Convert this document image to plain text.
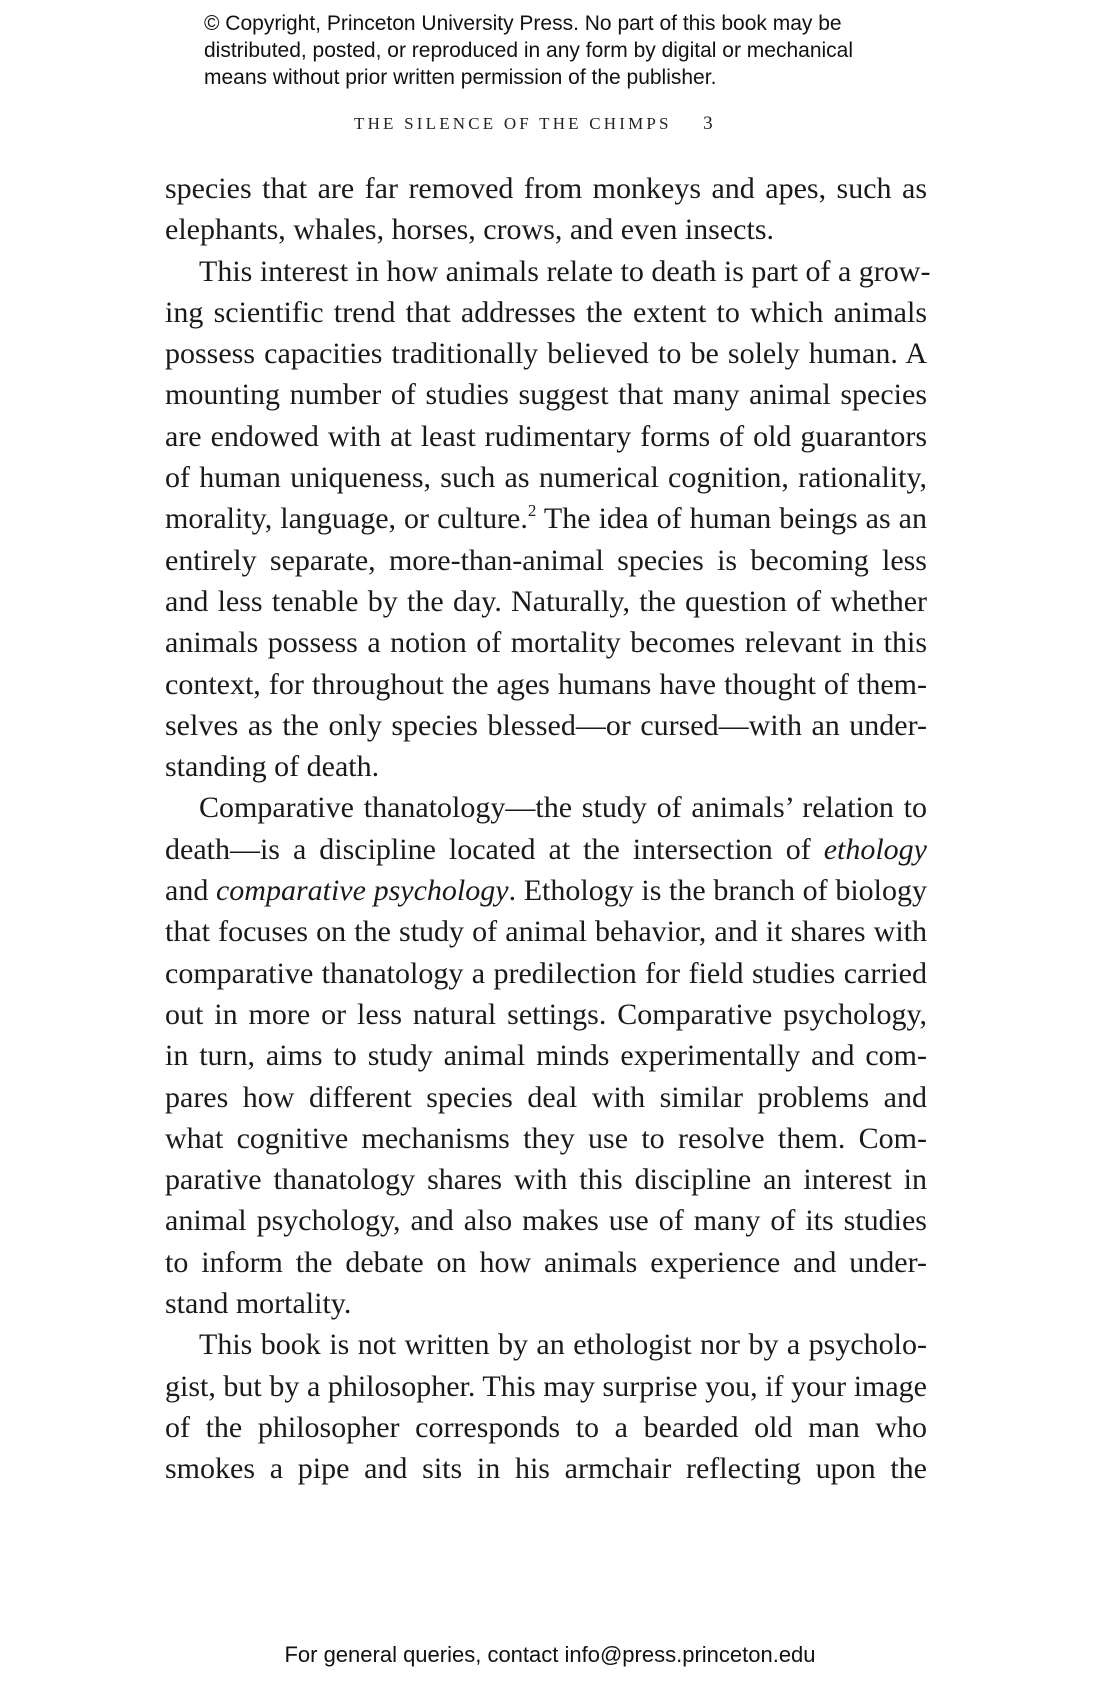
© Copyright, Princeton University Press. No part of this book may be
distributed, posted, or reproduced in any form by digital or mechanical
means without prior written permission of the publisher.
THE SILENCE OF THE CHIMPS 3
species that are far removed from monkeys and apes, such as
elephants, whales, horses, crows, and even insects.
This interest in how animals relate to death is part of a grow-
ing scientific trend that addresses the extent to which animals
possess capacities traditionally believed to be solely human. A
mounting number of studies suggest that many animal species
are endowed with at least rudimentary forms of old guarantors
of human uniqueness, such as numerical cognition, rationality,
morality, language, or culture.$^2$ The idea of human beings as an
entirely separate, more-than-animal species is becoming less
and less tenable by the day. Naturally, the question of whether
animals possess a notion of mortality becomes relevant in this
context, for throughout the ages humans have thought of them-
selves as the only species blessed—or cursed—with an under-
standing of death.
Comparative thanatology—the study of animals’ relation to
death—is a discipline located at the intersection of ethology
and comparative psychology. Ethology is the branch of biology
that focuses on the study of animal behavior, and it shares with
comparative thanatology a predilection for field studies carried
out in more or less natural settings. Comparative psychology,
in turn, aims to study animal minds experimentally and com-
pares how different species deal with similar problems and
what cognitive mechanisms they use to resolve them. Com-
parative thanatology shares with this discipline an interest in
animal psychology, and also makes use of many of its studies
to inform the debate on how animals experience and under-
stand mortality.
This book is not written by an ethologist nor by a psycholo-
gist, but by a philosopher. This may surprise you, if your image
of the philosopher corresponds to a bearded old man who
smokes a pipe and sits in his armchair reflecting upon the
For general queries, contact info@press.princeton.edu
